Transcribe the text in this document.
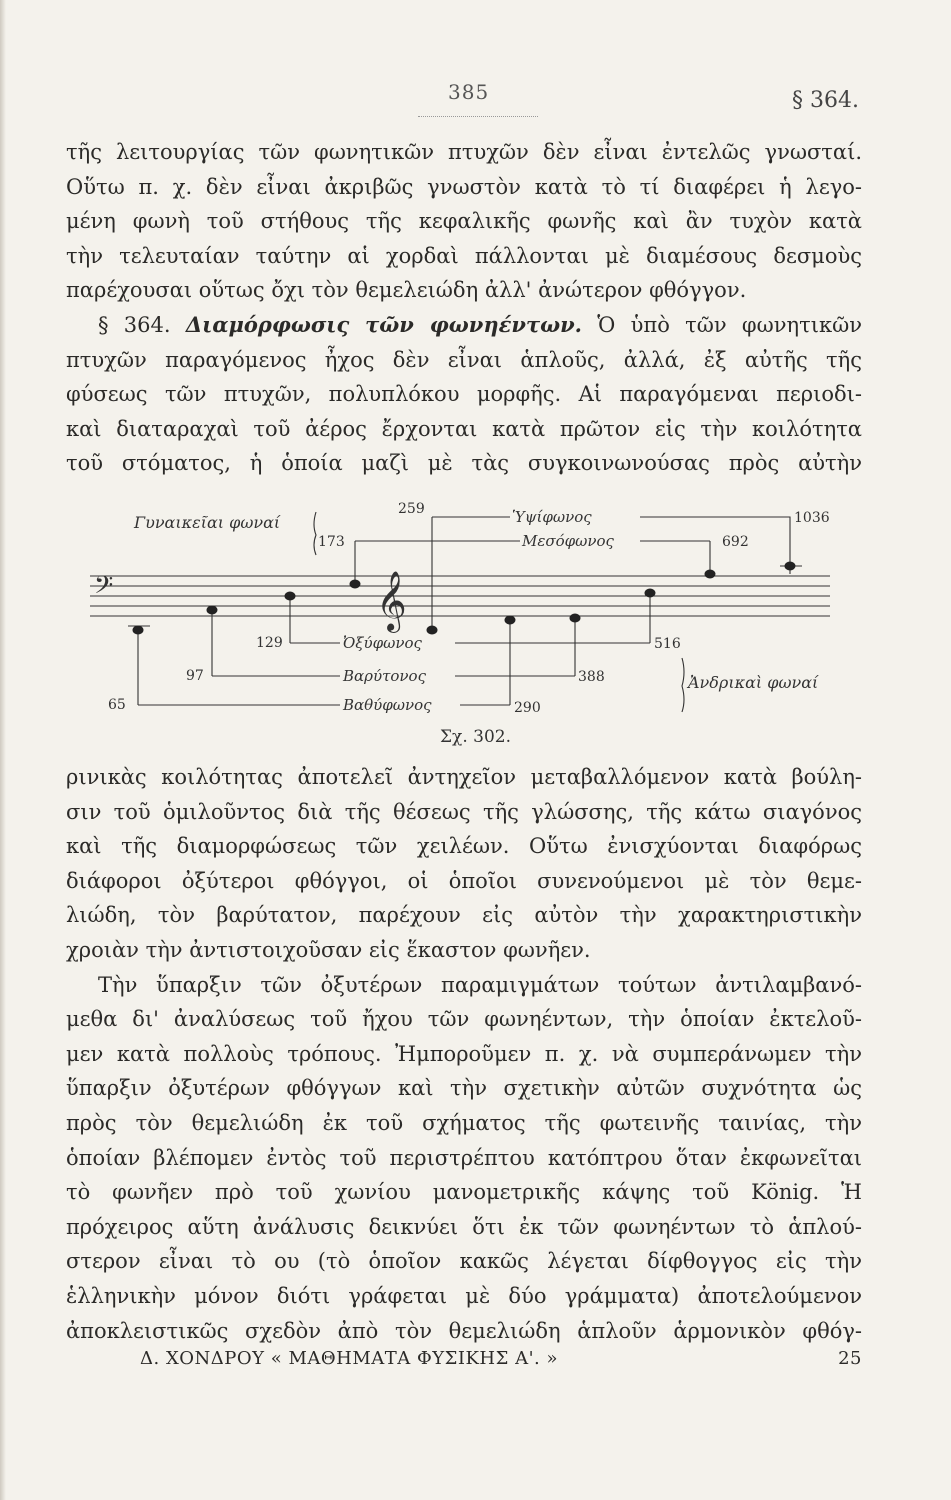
385	§ 364.
τῆς λειτουργίας τῶν φωνητικῶν πτυχῶν δὲν εἶναι ἐντελῶς γνωσταί.
Οὕτω π. χ. δὲν εἶναι ἀκριβῶς γνωστὸν κατὰ τὸ τί διαφέρει ἡ λεγο-
μένη φωνὴ τοῦ στήθους τῆς κεφαλικῆς φωνῆς καὶ ἂν τυχὸν κατὰ
τὴν τελευταίαν ταύτην αἱ χορδαὶ πάλλονται μὲ διαμέσους δεσμοὺς
παρέχουσαι οὕτως ὄχι τὸν θεμελειώδη ἀλλ' ἀνώτερον φθόγγον.
§ 364. Διαμόρφωσις τῶν φωνηέντων. Ὁ ὑπὸ τῶν φωνητικῶν
πτυχῶν παραγόμενος ἦχος δὲν εἶναι ἁπλοῦς, ἀλλά, ἐξ αὐτῆς τῆς
φύσεως τῶν πτυχῶν, πολυπλόκου μορφῆς. Αἱ παραγόμεναι περιοδι-
καὶ διαταραχαὶ τοῦ ἀέρος ἔρχονται κατὰ πρῶτον εἰς τὴν κοιλότητα
τοῦ στόματος, ἡ ὁποία μαζὶ μὲ τὰς συγκοινωνούσας πρὸς αὐτὴν
𝄢	𝄞
Γυναικεῖαι φωναί	Ὑψίφωνος
Μεσόφωνος
Ὀξύφωνος
Βαρύτονος
Βαθύφωνος
Ἀνδρικαὶ φωναί
259
173
1036
692
129	516
97	388
65	290
Σχ. 302.
ρινικὰς κοιλότητας ἀποτελεῖ ἀντηχεῖον μεταβαλλόμενον κατὰ βούλη-
σιν τοῦ ὁμιλοῦντος διὰ τῆς θέσεως τῆς γλώσσης, τῆς κάτω σιαγόνος
καὶ τῆς διαμορφώσεως τῶν χειλέων. Οὕτω ἐνισχύονται διαφόρως
διάφοροι ὀξύτεροι φθόγγοι, οἱ ὁποῖοι συνενούμενοι μὲ τὸν θεμε-
λιώδη, τὸν βαρύτατον, παρέχουν εἰς αὐτὸν τὴν χαρακτηριστικὴν
χροιὰν τὴν ἀντιστοιχοῦσαν εἰς ἕκαστον φωνῆεν.
Τὴν ὕπαρξιν τῶν ὀξυτέρων παραμιγμάτων τούτων ἀντιλαμβανό-
μεθα δι' ἀναλύσεως τοῦ ἤχου τῶν φωνηέντων, τὴν ὁποίαν ἐκτελοῦ-
μεν κατὰ πολλοὺς τρόπους. Ἠμποροῦμεν π. χ. νὰ συμπεράνωμεν τὴν
ὕπαρξιν ὀξυτέρων φθόγγων καὶ τὴν σχετικὴν αὐτῶν συχνότητα ὡς
πρὸς τὸν θεμελιώδη ἐκ τοῦ σχήματος τῆς φωτεινῆς ταινίας, τὴν
ὁποίαν βλέπομεν ἐντὸς τοῦ περιστρέπτου κατόπτρου ὅταν ἐκφωνεῖται
τὸ φωνῆεν πρὸ τοῦ χωνίου μανομετρικῆς κάψης τοῦ König. Ἡ
πρόχειρος αὕτη ἀνάλυσις δεικνύει ὅτι ἐκ τῶν φωνηέντων τὸ ἁπλού-
στερον εἶναι τὸ ου (τὸ ὁποῖον κακῶς λέγεται δίφθογγος εἰς τὴν
ἑλληνικὴν μόνον διότι γράφεται μὲ δύο γράμματα) ἀποτελούμενον
ἀποκλειστικῶς σχεδὸν ἀπὸ τὸν θεμελιώδη ἁπλοῦν ἁρμονικὸν φθόγ-
Δ. ΧΟΝΔΡΟΥ « ΜΑΘΗΜΑΤΑ ΦΥΣΙΚΗΣ Α'. »	25
